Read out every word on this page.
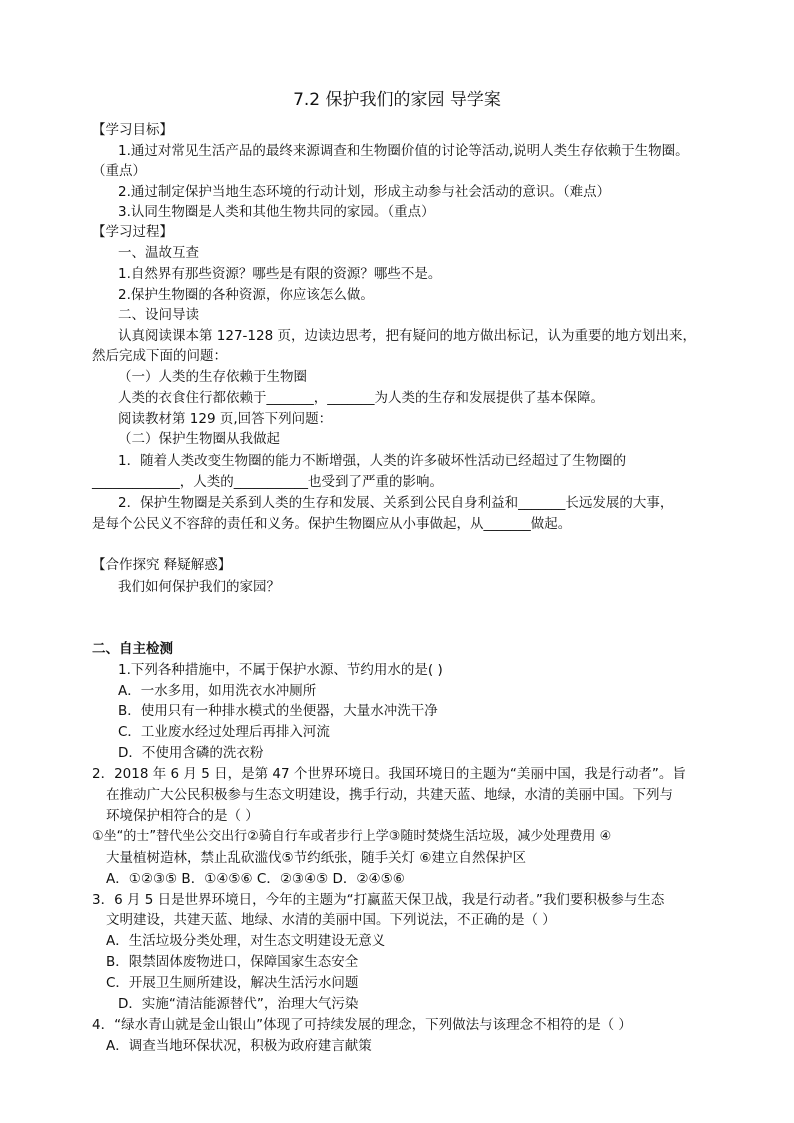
7.2 保护我们的家园 导学案
【学习目标】
1.通过对常见生活产品的最终来源调查和生物圈价值的讨论等活动,说明人类生存依赖于生物圈。
（重点）
2.通过制定保护当地生态环境的行动计划，形成主动参与社会活动的意识。（难点）
3.认同生物圈是人类和其他生物共同的家园。（重点）
【学习过程】
一、温故互查
1.自然界有那些资源？哪些是有限的资源？哪些不是。
2.保护生物圈的各种资源，你应该怎么做。
二、设问导读
认真阅读课本第 127-128 页，边读边思考，把有疑问的地方做出标记，认为重要的地方划出来，
然后完成下面的问题：
（一）人类的生存依赖于生物圈
人类的衣食住行都依赖于_______，_______为人类的生存和发展提供了基本保障。
阅读教材第 129 页,回答下列问题：
（二）保护生物圈从我做起
1．随着人类改变生物圈的能力不断增强，人类的许多破坏性活动已经超过了生物圈的
_____________，人类的___________也受到了严重的影响。
2．保护生物圈是关系到人类的生存和发展、关系到公民自身利益和_______长远发展的大事，
是每个公民义不容辞的责任和义务。保护生物圈应从小事做起，从_______做起。
【合作探究 释疑解惑】
我们如何保护我们的家园？
二、自主检测
1.下列各种措施中，不属于保护水源、节约用水的是( )
A．一水多用，如用洗衣水冲厕所
B．使用只有一种排水模式的坐便器，大量水冲洗干净
C．工业废水经过处理后再排入河流
D．不使用含磷的洗衣粉
2．2018 年 6 月 5 日，是第 47 个世界环境日。我国环境日的主题为“美丽中国，我是行动者”。旨
在推动广大公民积极参与生态文明建设，携手行动，共建天蓝、地绿，水清的美丽中国。下列与
环境保护相符合的是（ ）
①坐“的士”替代坐公交出行②骑自行车或者步行上学③随时焚烧生活垃圾，减少处理费用 ④
大量植树造林，禁止乱砍滥伐⑤节约纸张，随手关灯 ⑥建立自然保护区
A．①②③⑤ B．①④⑤⑥ C．②③④⑤ D．②④⑤⑥
3．6 月 5 日是世界环境日，今年的主题为“打赢蓝天保卫战，我是行动者。”我们要积极参与生态
文明建设，共建天蓝、地绿、水清的美丽中国。下列说法，不正确的是（ ）
A．生活垃圾分类处理，对生态文明建设无意义
B．限禁固体废物进口，保障国家生态安全
C．开展卫生厕所建设，解决生活污水问题
D．实施“清洁能源替代”，治理大气污染
4．“绿水青山就是金山银山”体现了可持续发展的理念，下列做法与该理念不相符的是（ ）
A．调查当地环保状况，积极为政府建言献策
